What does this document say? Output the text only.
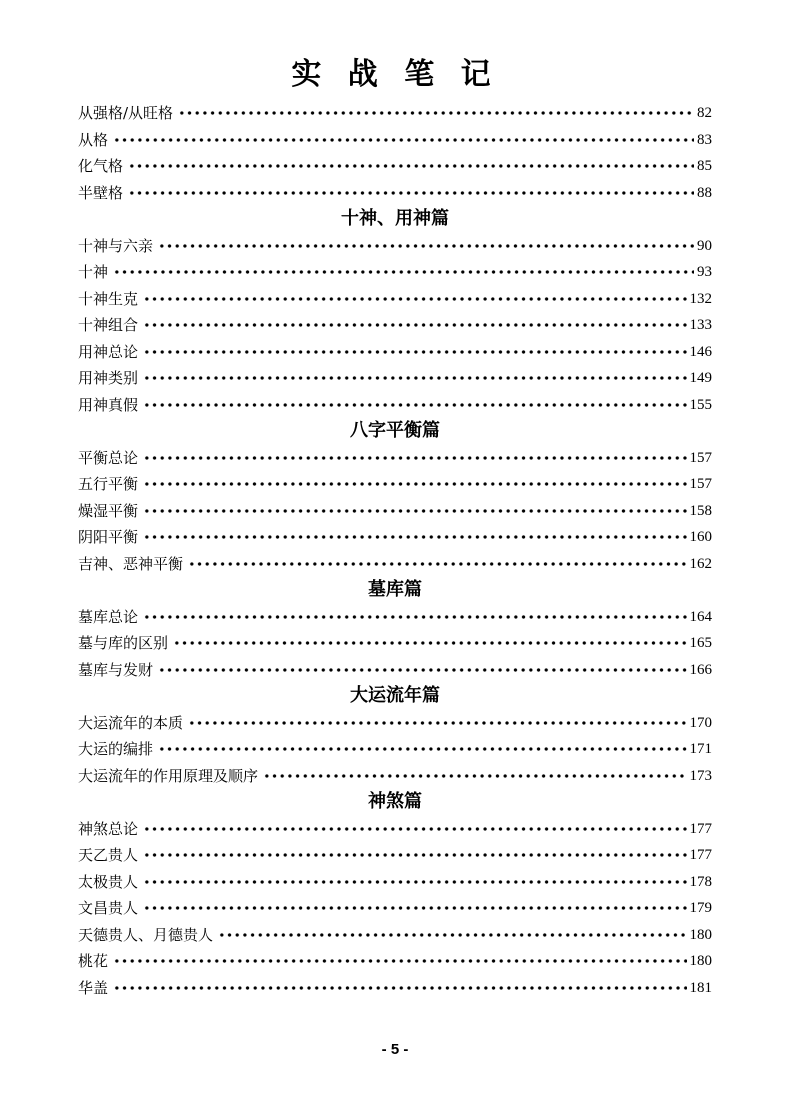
实 战 笔 记
从强格/从旺格	82
从格	83
化气格	85
半壁格	88
十神、用神篇
十神与六亲	90
十神	93
十神生克	132
十神组合	133
用神总论	146
用神类别	149
用神真假	155
八字平衡篇
平衡总论	157
五行平衡	157
燥湿平衡	158
阴阳平衡	160
吉神、恶神平衡	162
墓库篇
墓库总论	164
墓与库的区别	165
墓库与发财	166
大运流年篇
大运流年的本质	170
大运的编排	171
大运流年的作用原理及顺序	173
神煞篇
神煞总论	177
天乙贵人	177
太极贵人	178
文昌贵人	179
天德贵人、月德贵人	180
桃花	180
华盖	181
- 5 -
